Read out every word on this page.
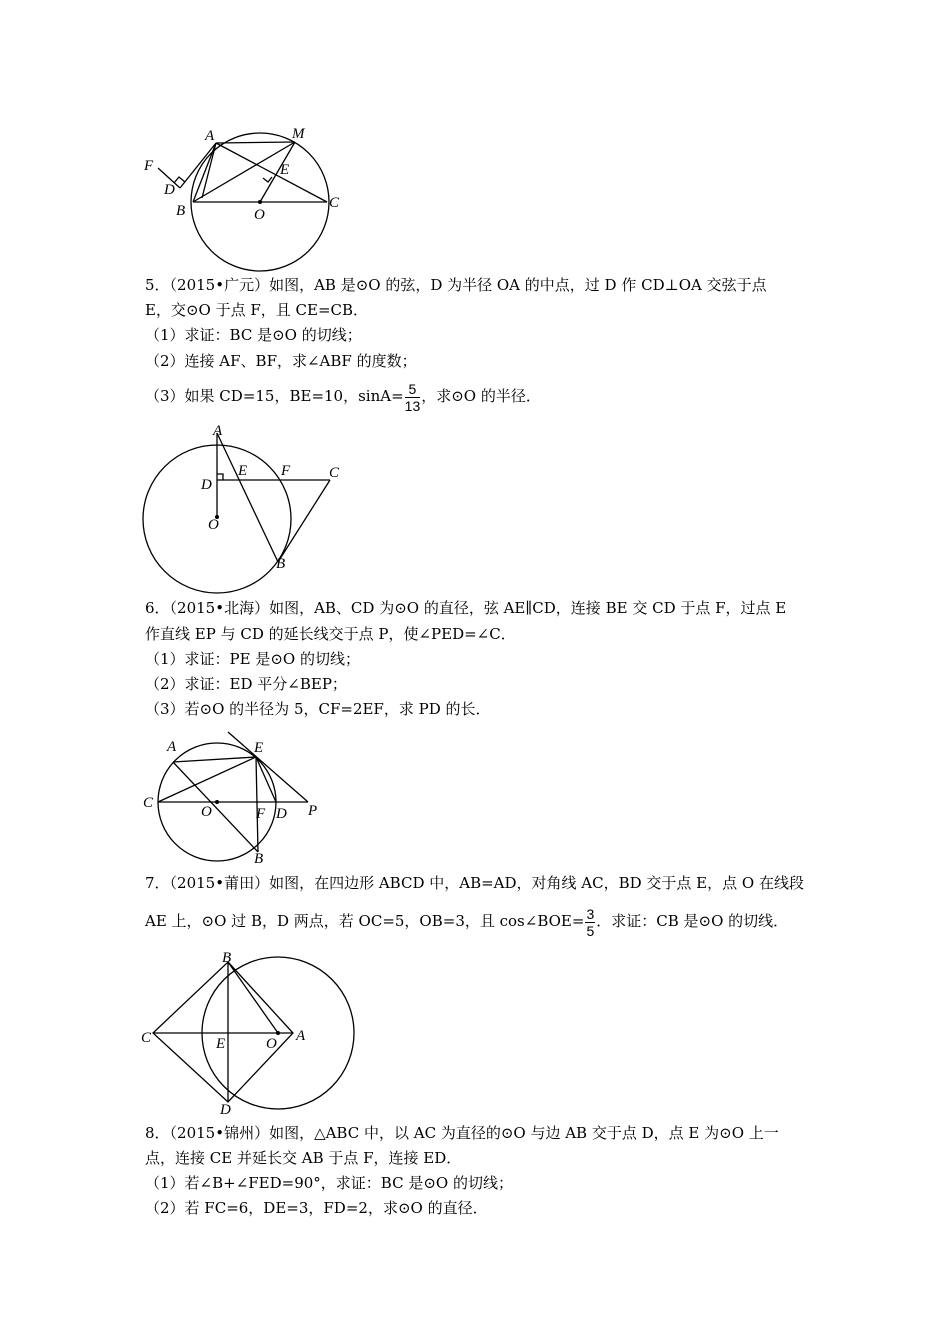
A	M
F
D
E
B	O
C
5．（2015•广元）如图，AB 是⊙O 的弦，D 为半径 OA 的中点，过 D 作 CD⊥OA 交弦于点
E，交⊙O 于点 F，且 CE=CB．
（1）求证：BC 是⊙O 的切线；
（2）连接 AF、BF，求∠ABF 的度数；
（3）如果 CD=15，BE=10，$\sin A= \frac{5}{13}$ ，求⊙O 的半径．
A
D
E F	C
O
B
6．（2015•北海）如图，AB、CD 为⊙O 的直径，弦 AE∥CD，连接 BE 交 CD 于点 F，过点 E
作直线 EP 与 CD 的延长线交于点 P，使∠PED=∠C．
（1）求证：PE 是⊙O 的切线；
（2）求证：ED 平分∠BEP；
（3）若⊙O 的半径为 5，CF=2EF，求 PD 的长．
A	E
C
O	F D P
B
7．（2015•莆田）如图，在四边形 ABCD 中，AB=AD，对角线 AC，BD 交于点 E，点 O 在线段
AE 上，⊙O 过 B，D 两点，若 OC=5，OB=3，且 cos∠BOE= $\frac{3}{5}$ ．求证：CB 是⊙O 的切线．
B
C	E	O A
D
8．（2015•锦州）如图，△ABC 中，以 AC 为直径的⊙O 与边 AB 交于点 D，点 E 为⊙O 上一
点，连接 CE 并延长交 AB 于点 F，连接 ED．
（1）若∠B+∠FED=90°，求证：BC 是⊙O 的切线；
（2）若 FC=6，DE=3，FD=2，求⊙O 的直径．
